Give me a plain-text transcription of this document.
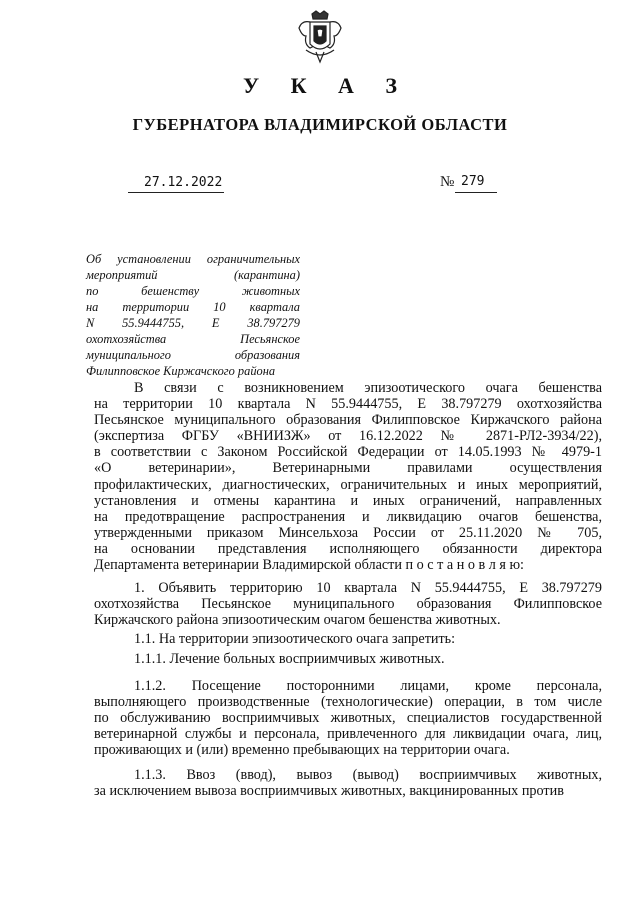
У К А З
ГУБЕРНАТОРА ВЛАДИМИРСКОЙ ОБЛАСТИ
27.12.2022	№ 279
Об установлении ограничительных
мероприятий (карантина)
по бешенству животных
на территории 10 квартала
N 55.9444755, E 38.797279
охотхозяйства Песьянское
муниципального образования
Филипповское Киржачского района
В связи с возникновением эпизоотического очага бешенства
на территории 10 квартала N 55.9444755, E 38.797279 охотхозяйства
Песьянское муниципального образования Филипповское Киржачского района
(экспертиза ФГБУ «ВНИИЗЖ» от 16.12.2022 № 2871-РЛ2-3934/22),
в соответствии с Законом Российской Федерации от 14.05.1993 № 4979-1
«О ветеринарии», Ветеринарными правилами осуществления
профилактических, диагностических, ограничительных и иных мероприятий,
установления и отмены карантина и иных ограничений, направленных
на предотвращение распространения и ликвидацию очагов бешенства,
утвержденными приказом Минсельхоза России от 25.11.2020 № 705,
на основании представления исполняющего обязанности директора
Департамента ветеринарии Владимирской области п о с т а н о в л я ю:
1. Объявить территорию 10 квартала N 55.9444755, E 38.797279
охотхозяйства Песьянское муниципального образования Филипповское
Киржачского района эпизоотическим очагом бешенства животных.
1.1. На территории эпизоотического очага запретить:
1.1.1. Лечение больных восприимчивых животных.
1.1.2. Посещение посторонними лицами, кроме персонала,
выполняющего производственные (технологические) операции, в том числе
по обслуживанию восприимчивых животных, специалистов государственной
ветеринарной службы и персонала, привлеченного для ликвидации очага, лиц,
проживающих и (или) временно пребывающих на территории очага.
1.1.3. Ввоз (ввод), вывоз (вывод) восприимчивых животных,
за исключением вывоза восприимчивых животных, вакцинированных против
